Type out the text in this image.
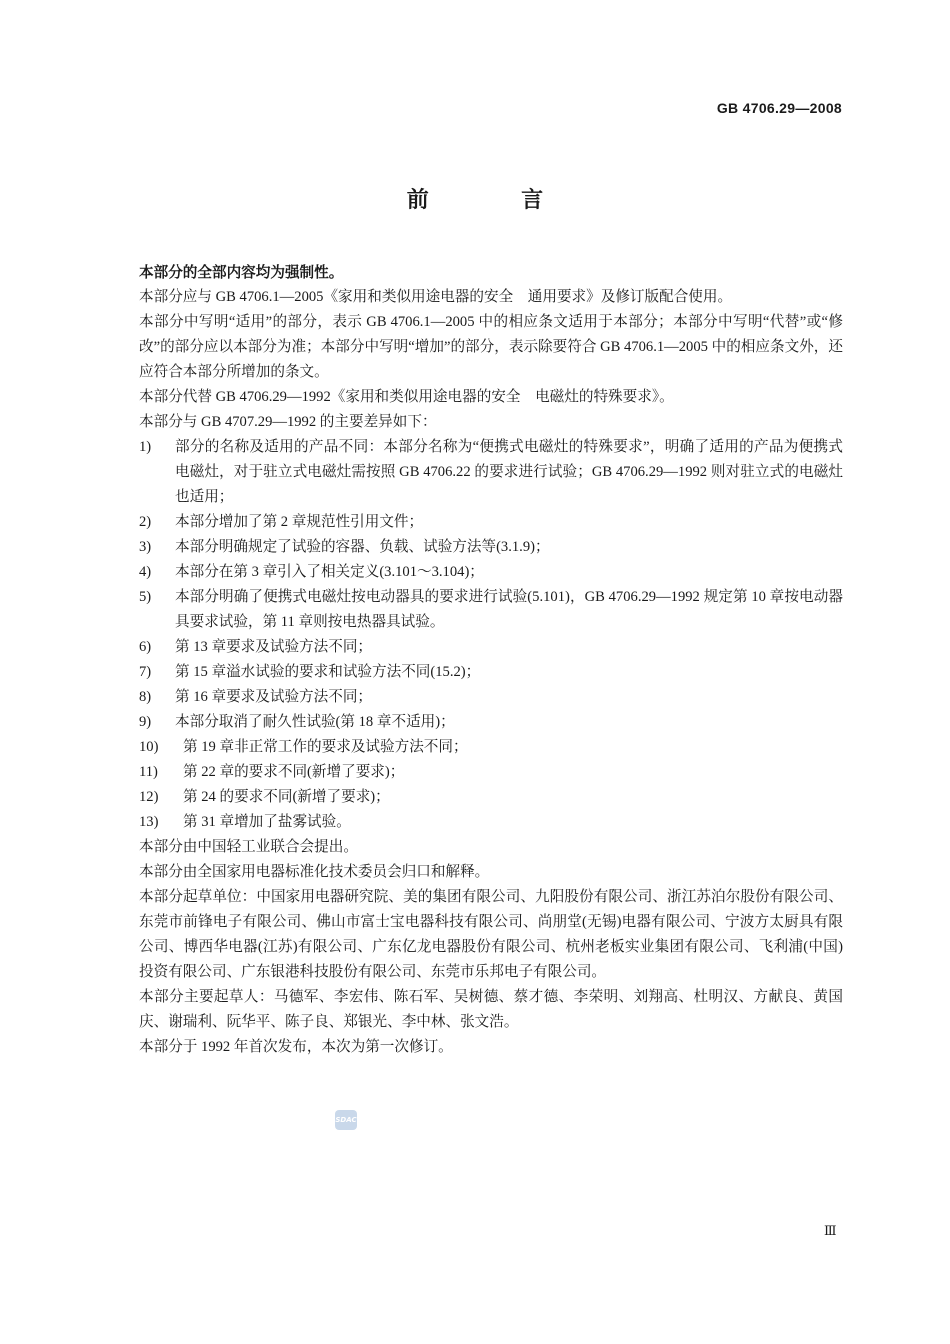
GB 4706.29—2008
前　言

本部分的全部内容均为强制性。

本部分应与 GB 4706.1—2005《家用和类似用途电器的安全　通用要求》及修订版配合使用。

本部分中写明“适用”的部分，表示 GB 4706.1—2005 中的相应条文适用于本部分；本部分中写明“代替”或“修改”的部分应以本部分为准；本部分中写明“增加”的部分，表示除要符合 GB 4706.1—2005 中的相应条文外，还应符合本部分所增加的条文。

本部分代替 GB 4706.29—1992《家用和类似用途电器的安全　电磁灶的特殊要求》。

本部分与 GB 4707.29—1992 的主要差异如下：

1)	部分的名称及适用的产品不同：本部分名称为“便携式电磁灶的特殊要求”，明确了适用的产品为便携式电磁灶，对于驻立式电磁灶需按照 GB 4706.22 的要求进行试验；GB 4706.29—1992 则对驻立式的电磁灶也适用；
2)	本部分增加了第 2 章规范性引用文件；
3)	本部分明确规定了试验的容器、负载、试验方法等(3.1.9)；
4)	本部分在第 3 章引入了相关定义(3.101～3.104)；
5)	本部分明确了便携式电磁灶按电动器具的要求进行试验(5.101)，GB 4706.29—1992 规定第 10 章按电动器具要求试验，第 11 章则按电热器具试验。
6)	第 13 章要求及试验方法不同；
7)	第 15 章溢水试验的要求和试验方法不同(15.2)；
8)	第 16 章要求及试验方法不同；
9)	本部分取消了耐久性试验(第 18 章不适用)；
10)	第 19 章非正常工作的要求及试验方法不同；
11)	第 22 章的要求不同(新增了要求)；
12)	第 24 的要求不同(新增了要求)；
13)	第 31 章增加了盐雾试验。

本部分由中国轻工业联合会提出。

本部分由全国家用电器标准化技术委员会归口和解释。

本部分起草单位：中国家用电器研究院、美的集团有限公司、九阳股份有限公司、浙江苏泊尔股份有限公司、东莞市前锋电子有限公司、佛山市富士宝电器科技有限公司、尚朋堂(无锡)电器有限公司、宁波方太厨具有限公司、博西华电器(江苏)有限公司、广东亿龙电器股份有限公司、杭州老板实业集团有限公司、飞利浦(中国)投资有限公司、广东银港科技股份有限公司、东莞市乐邦电子有限公司。

本部分主要起草人：马德军、李宏伟、陈石军、吴树德、蔡才德、李荣明、刘翔高、杜明汉、方献良、黄国庆、谢瑞利、阮华平、陈子良、郑银光、李中林、张文浩。

本部分于 1992 年首次发布，本次为第一次修订。

SDAC
Ⅲ
